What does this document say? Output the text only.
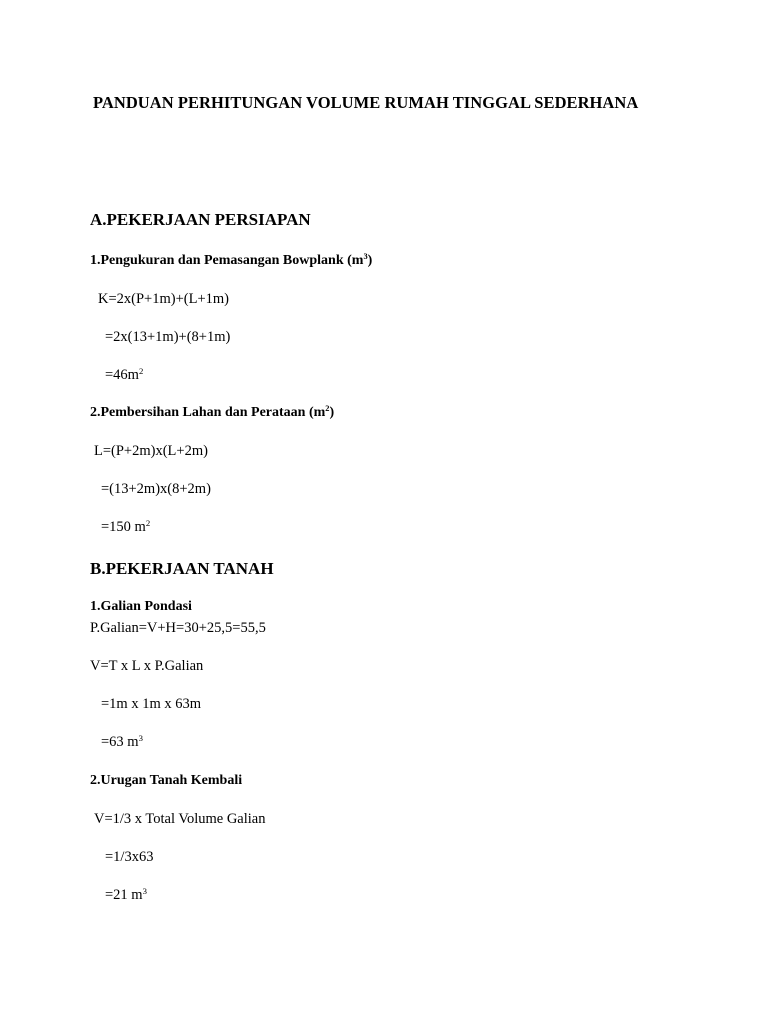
PANDUAN PERHITUNGAN VOLUME RUMAH TINGGAL SEDERHANA
A.PEKERJAAN PERSIAPAN
1.Pengukuran dan Pemasangan Bowplank $(m^3)$
K=2x(P+1m)+(L+1m)
=2x(13+1m)+(8+1m)
$=46m^2$
2.Pembersihan Lahan dan Perataan $(m^2)$
L=(P+2m)x(L+2m)
=(13+2m)x(8+2m)
=150 $m^2$
B.PEKERJAAN TANAH
1.Galian Pondasi
P.Galian=V+H=30+25,5=55,5
V=T x L x P.Galian
=1m x 1m x 63m
=63 $m^3$
2.Urugan Tanah Kembali
V=1/3 x Total Volume Galian
=1/3x63
=21 $m^3$
